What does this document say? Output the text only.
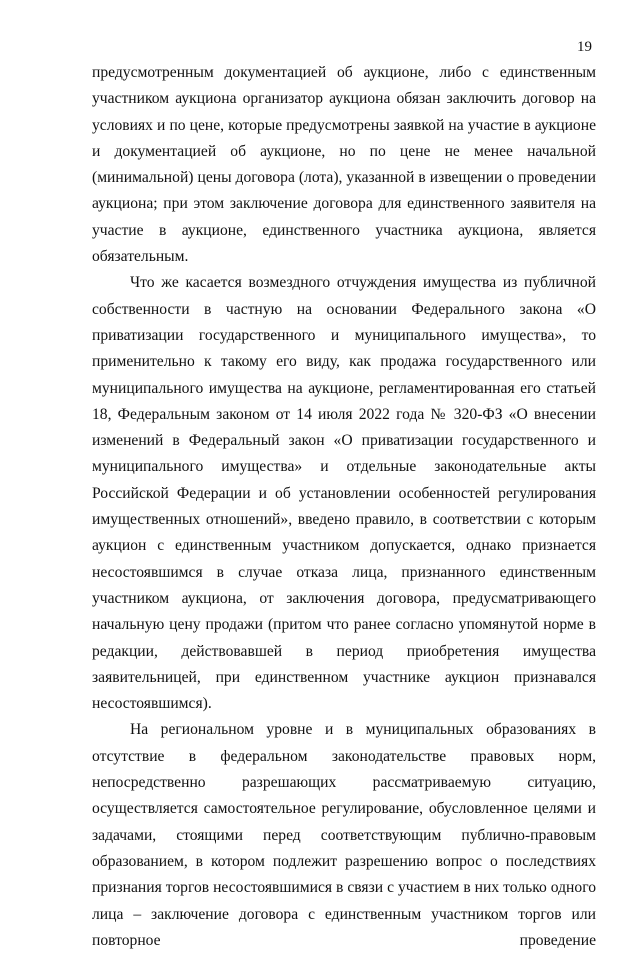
19

предусмотренным документацией об аукционе, либо с единственным участником аукциона организатор аукциона обязан заключить договор на условиях и по цене, которые предусмотрены заявкой на участие в аукционе и документацией об аукционе, но по цене не менее начальной (минимальной) цены договора (лота), указанной в извещении о проведении аукциона; при этом заключение договора для единственного заявителя на участие в аукционе, единственного участника аукциона, является обязательным.

Что же касается возмездного отчуждения имущества из публичной собственности в частную на основании Федерального закона «О приватизации государственного и муниципального имущества», то применительно к такому его виду, как продажа государственного или муниципального имущества на аукционе, регламентированная его статьей 18, Федеральным законом от 14 июля 2022 года № 320-ФЗ «О внесении изменений в Федеральный закон «О приватизации государственного и муниципального имущества» и отдельные законодательные акты Российской Федерации и об установлении особенностей регулирования имущественных отношений», введено правило, в соответствии с которым аукцион с единственным участником допускается, однако признается несостоявшимся в случае отказа лица, признанного единственным участником аукциона, от заключения договора, предусматривающего начальную цену продажи (притом что ранее согласно упомянутой норме в редакции, действовавшей в период приобретения имущества заявительницей, при единственном участнике аукцион признавался несостоявшимся).

На региональном уровне и в муниципальных образованиях в отсутствие в федеральном законодательстве правовых норм, непосредственно разрешающих рассматриваемую ситуацию, осуществляется самостоятельное регулирование, обусловленное целями и задачами, стоящими перед соответствующим публично-правовым образованием, в котором подлежит разрешению вопрос о последствиях признания торгов несостоявшимися в связи с участием в них только одного лица – заключение договора с единственным участником торгов или повторное проведение
